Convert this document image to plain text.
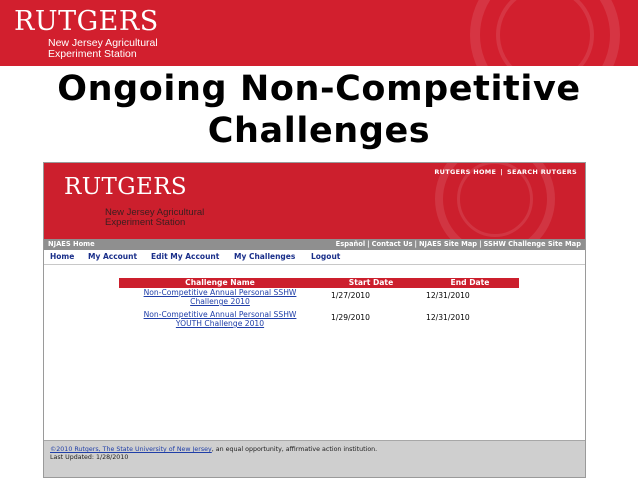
RUTGERS
New Jersey Agricultural
Experiment Station
Ongoing Non-Competitive
Challenges
RUTGERS HOME | SEARCH RUTGERS
RUTGERS
New Jersey Agricultural
Experiment Station
NJAES Home	Español | Contact Us | NJAES Site Map | SSHW Challenge Site Map
Home My Account Edit My Account My Challenges Logout
Challenge Name	Start Date	End Date
Non-Competitive Annual Personal SSHW
Challenge 2010	1/27/2010	12/31/2010
Non-Competitive Annual Personal SSHW
YOUTH Challenge 2010	1/29/2010	12/31/2010
©2010 Rutgers, The State University of New Jersey, an equal opportunity, affirmative action institution.
Last Updated: 1/28/2010
